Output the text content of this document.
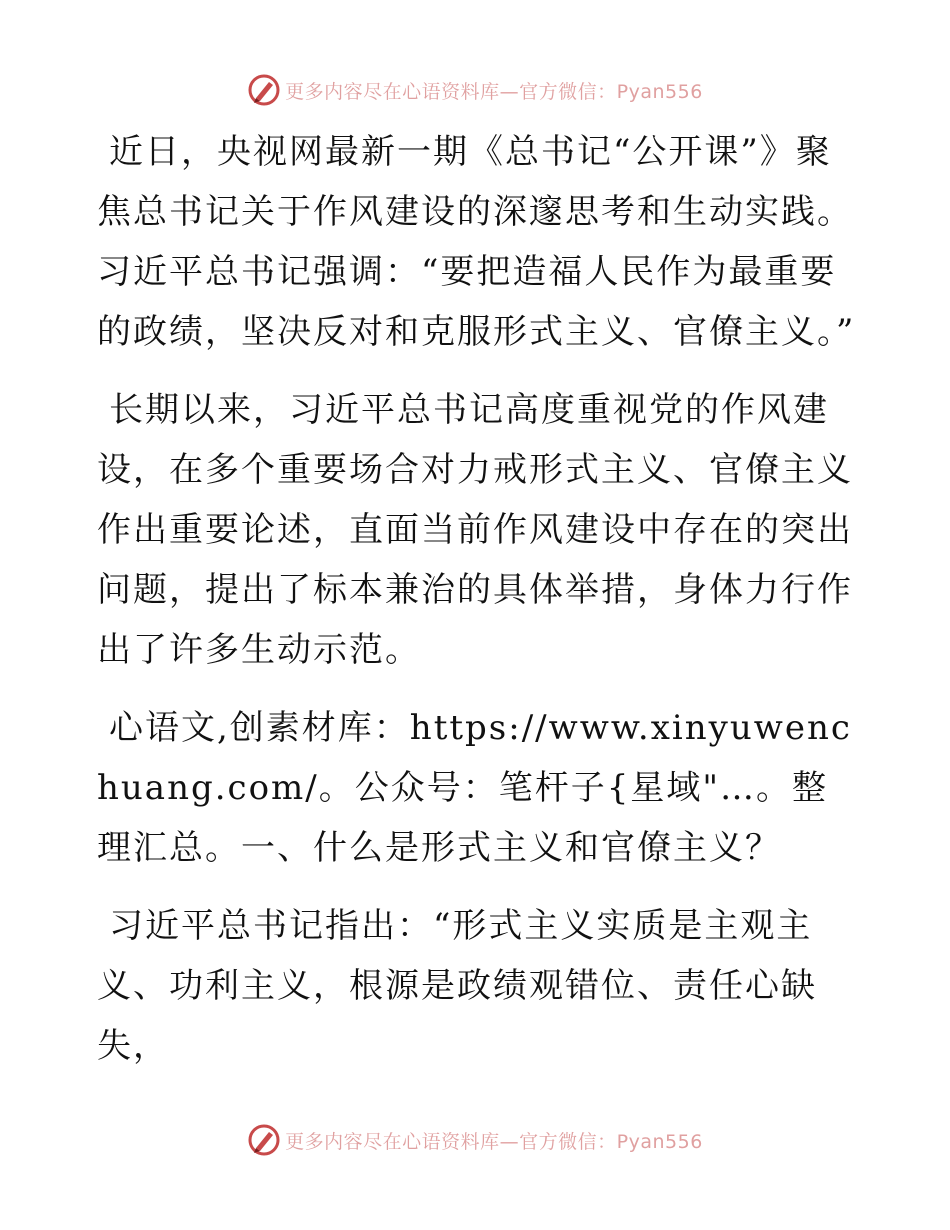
更多内容尽在心语资料库—官方微信：Pyan556

近日，央视网最新一期《总书记“公开课”》聚焦总书记关于作风建设的深邃思考和生动实践。习近平总书记强调：“要把造福人民作为最重要的政绩，坚决反对和克服形式主义、官僚主义。”

长期以来，习近平总书记高度重视党的作风建设，在多个重要场合对力戒形式主义、官僚主义作出重要论述，直面当前作风建设中存在的突出问题，提出了标本兼治的具体举措，身体力行作出了许多生动示范。

心语文,创素材库：https://www.xinyuwenchuang.com/。公众号：笔杆子{星域"…。整理汇总。一、什么是形式主义和官僚主义？

习近平总书记指出：“形式主义实质是主观主义、功利主义，根源是政绩观错位、责任心缺失，

更多内容尽在心语资料库—官方微信：Pyan556
